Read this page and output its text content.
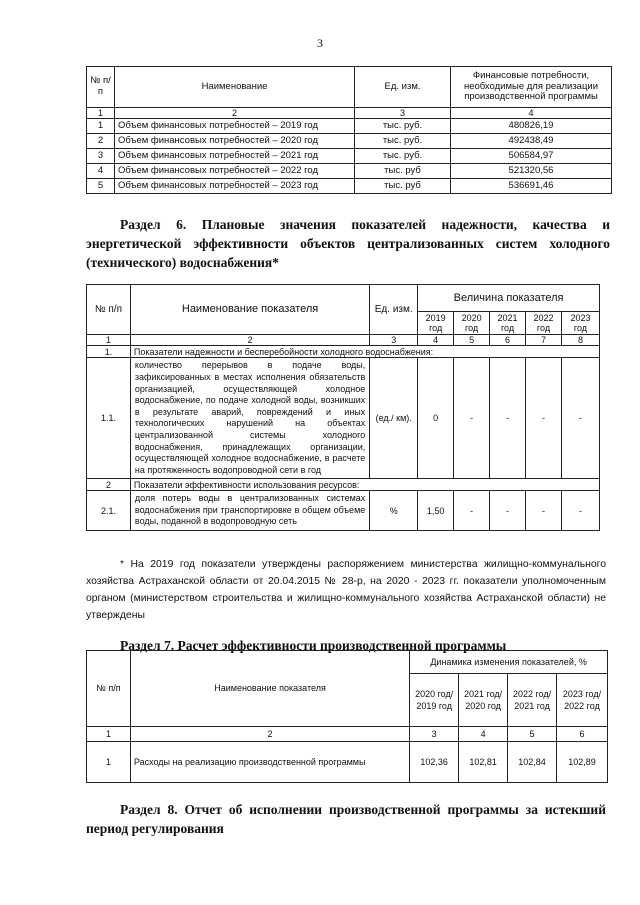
3
№ п/п	Наименование	Ед. изм.	Финансовые потребности, необходимые для реализации производственной программы
1	2	3	4
1	Объем финансовых потребностей – 2019 год	тыс. руб.	480826,19
2	Объем финансовых потребностей – 2020 год	тыс. руб.	492438,49
3	Объем финансовых потребностей – 2021 год	тыс. руб.	506584,97
4	Объем финансовых потребностей – 2022 год	тыс. руб	521320,56
5	Объем финансовых потребностей – 2023 год	тыс. руб	536691,46
Раздел 6. Плановые значения показателей надежности, качества и энергетической эффективности объектов централизованных систем холодного (технического) водоснабжения*
№ п/п	Наименование показателя	Ед. изм.	Величина показателя				
			2019 год	2020 год	2021 год	2022 год	2023 год
1	2	3	4	5	6	7	8
1.	Показатели надежности и бесперебойности холодного водоснабжения:						
1.1.	количество перерывов в подаче воды, зафиксированных в местах исполнения обязательств организацией, осуществляющей холодное водоснабжение, по подаче холодной воды, возникших в результате аварий, повреждений и иных технологических нарушений на объектах централизованной системы холодного водоснабжения, принадлежащих организации, осуществляющей холодное водоснабжение, в расчете на протяженность водопроводной сети в год	(ед./ км).	0	-	-	-	-
2	Показатели эффективности использования ресурсов:						
2.1.	доля потерь воды в централизованных системах водоснабжения при транспортировке в общем объеме воды, поданной в водопроводную сеть	%	1,50	-	-	-	-
* На 2019 год показатели утверждены распоряжением министерства жилищно-коммунального хозяйства Астраханской области от 20.04.2015 № 28-р, на 2020 - 2023 гг. показатели уполномоченным органом (министерством строительства и жилищно-коммунального хозяйства Астраханской области) не утверждены
Раздел 7. Расчет эффективности производственной программы
№ п/п	Наименование показателя	Динамика изменения показателей, %			
		2020 год/ 2019 год	2021 год/ 2020 год	2022 год/ 2021 год	2023 год/ 2022 год
1	2	3	4	5	6
1	Расходы на реализацию производственной программы	102,36	102,81	102,84	102,89
Раздел 8. Отчет об исполнении производственной программы за истекший период регулирования
